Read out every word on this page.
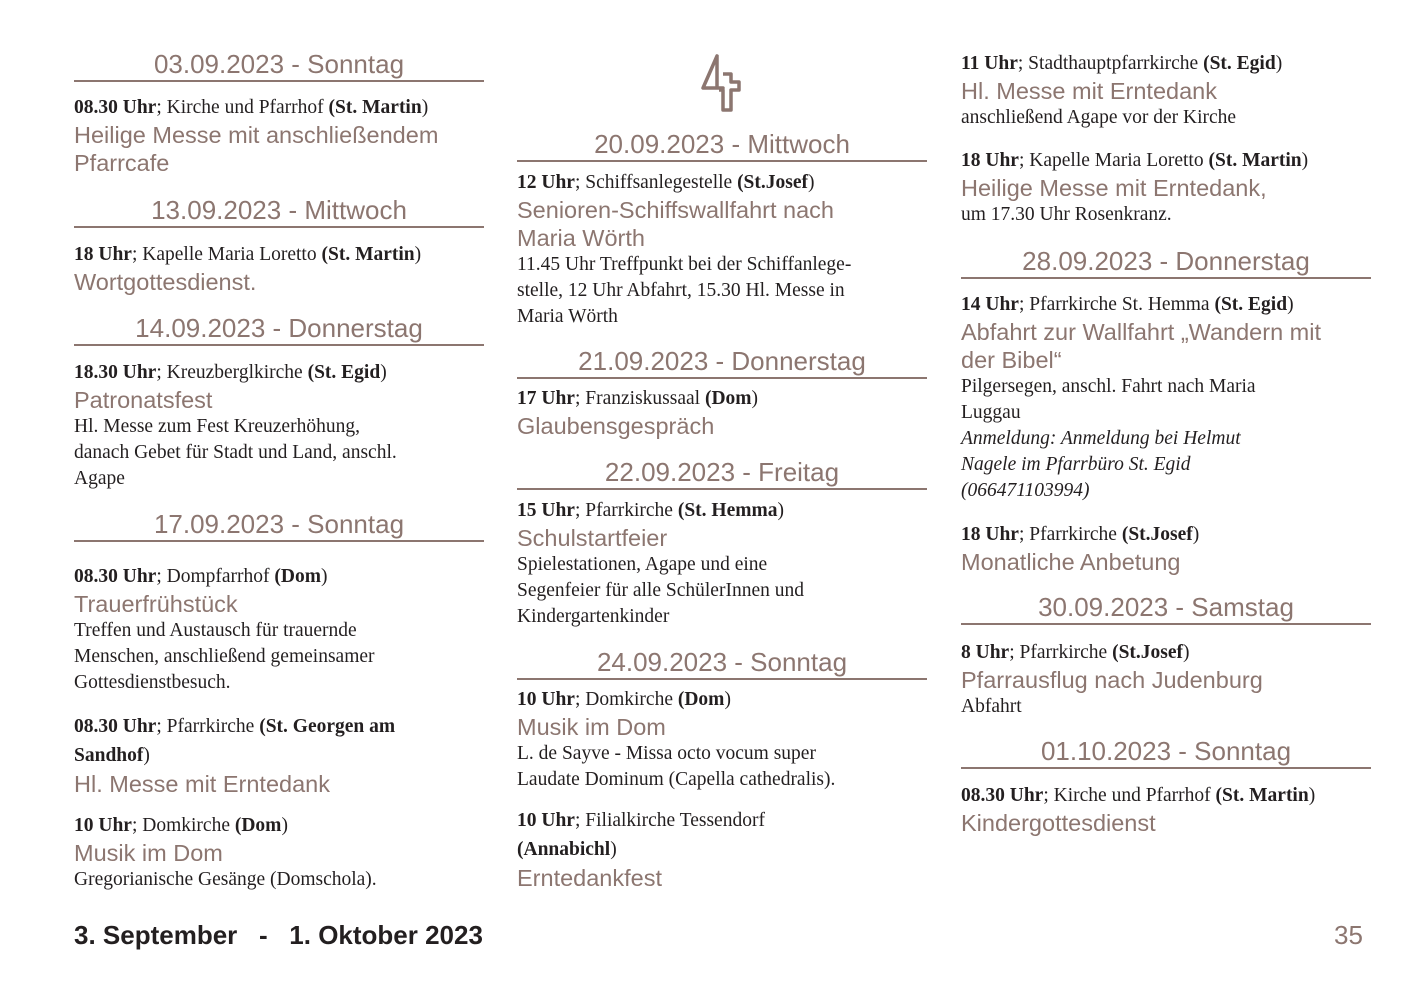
03.09.2023 - Sonntag

08.30 Uhr; Kirche und Pfarrhof (St. Martin)

Heilige Messe mit anschließendem

Pfarrcafe

13.09.2023 - Mittwoch

18 Uhr; Kapelle Maria Loretto (St. Martin)

Wortgottesdienst.

14.09.2023 - Donnerstag

18.30 Uhr; Kreuzberglkirche (St. Egid)

Patronatsfest

Hl. Messe zum Fest Kreuzerhöhung,

danach Gebet für Stadt und Land, anschl.

Agape

17.09.2023 - Sonntag

08.30 Uhr; Dompfarrhof (Dom)

Trauerfrühstück

Treffen und Austausch für trauernde

Menschen, anschließend gemeinsamer

Gottesdienstbesuch.

08.30 Uhr; Pfarrkirche (St. Georgen am

Sandhof)

Hl. Messe mit Erntedank

10 Uhr; Domkirche (Dom)

Musik im Dom

Gregorianische Gesänge (Domschola).

20.09.2023 - Mittwoch

12 Uhr; Schiffsanlegestelle (St.Josef)

Senioren-Schiffswallfahrt nach

Maria Wörth

11.45 Uhr Treffpunkt bei der Schiffanlege-

stelle, 12 Uhr Abfahrt, 15.30 Hl. Messe in

Maria Wörth

21.09.2023 - Donnerstag

17 Uhr; Franziskussaal (Dom)

Glaubensgespräch

22.09.2023 - Freitag

15 Uhr; Pfarrkirche (St. Hemma)

Schulstartfeier

Spielestationen, Agape und eine

Segenfeier für alle SchülerInnen und

Kindergartenkinder

24.09.2023 - Sonntag

10 Uhr; Domkirche (Dom)

Musik im Dom

L. de Sayve - Missa octo vocum super

Laudate Dominum (Capella cathedralis).

10 Uhr; Filialkirche Tessendorf

(Annabichl)

Erntedankfest

11 Uhr; Stadthauptpfarrkirche (St. Egid)

Hl. Messe mit Erntedank

anschließend Agape vor der Kirche

18 Uhr; Kapelle Maria Loretto (St. Martin)

Heilige Messe mit Erntedank,

um 17.30 Uhr Rosenkranz.

28.09.2023 - Donnerstag

14 Uhr; Pfarrkirche St. Hemma (St. Egid)

Abfahrt zur Wallfahrt „Wandern mit

der Bibel“

Pilgersegen, anschl. Fahrt nach Maria

Luggau

Anmeldung: Anmeldung bei Helmut

Nagele im Pfarrbüro St. Egid

(066471103994)

18 Uhr; Pfarrkirche (St.Josef)

Monatliche Anbetung

30.09.2023 - Samstag

8 Uhr; Pfarrkirche (St.Josef)

Pfarrausflug nach Judenburg

Abfahrt

01.10.2023 - Sonntag

08.30 Uhr; Kirche und Pfarrhof (St. Martin)

Kindergottesdienst

3. September   -   1. Oktober 2023	35
